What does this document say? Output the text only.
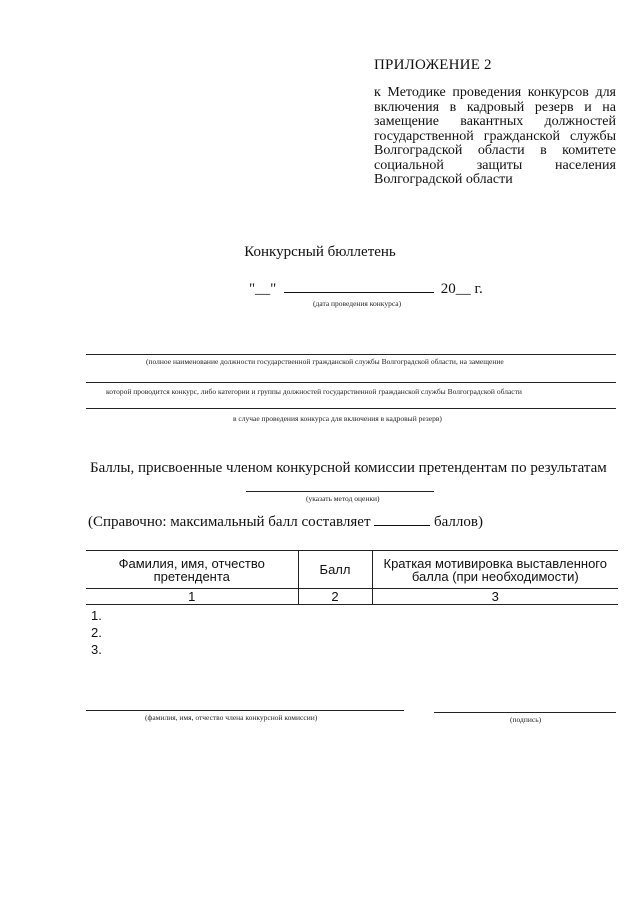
ПРИЛОЖЕНИЕ 2
к Методике проведения конкурсов для включения в кадровый резерв и на замещение вакантных должностей государственной гражданской службы Волгоградской области в комитете социальной защиты населения Волгоградской области
Конкурсный бюллетень
"__"	20__ г.
(дата проведения конкурса)
(полное наименование должности государственной гражданской службы Волгоградской области, на замещение
которой проводится конкурс, либо категории и группы должностей государственной гражданской службы Волгоградской области
в случае проведения конкурса для включения в кадровый резерв)
Баллы, присвоенные членом конкурсной комиссии претендентам по результатам
(указать метод оценки)
(Справочно: максимальный балл составляет	баллов)
Фамилия, имя, отчество претендента	Балл	Краткая мотивировка выставленного балла (при необходимости)
1	2	3
1.
2.
3.
(фамилия, имя, отчество члена конкурсной комиссии)	(подпись)
